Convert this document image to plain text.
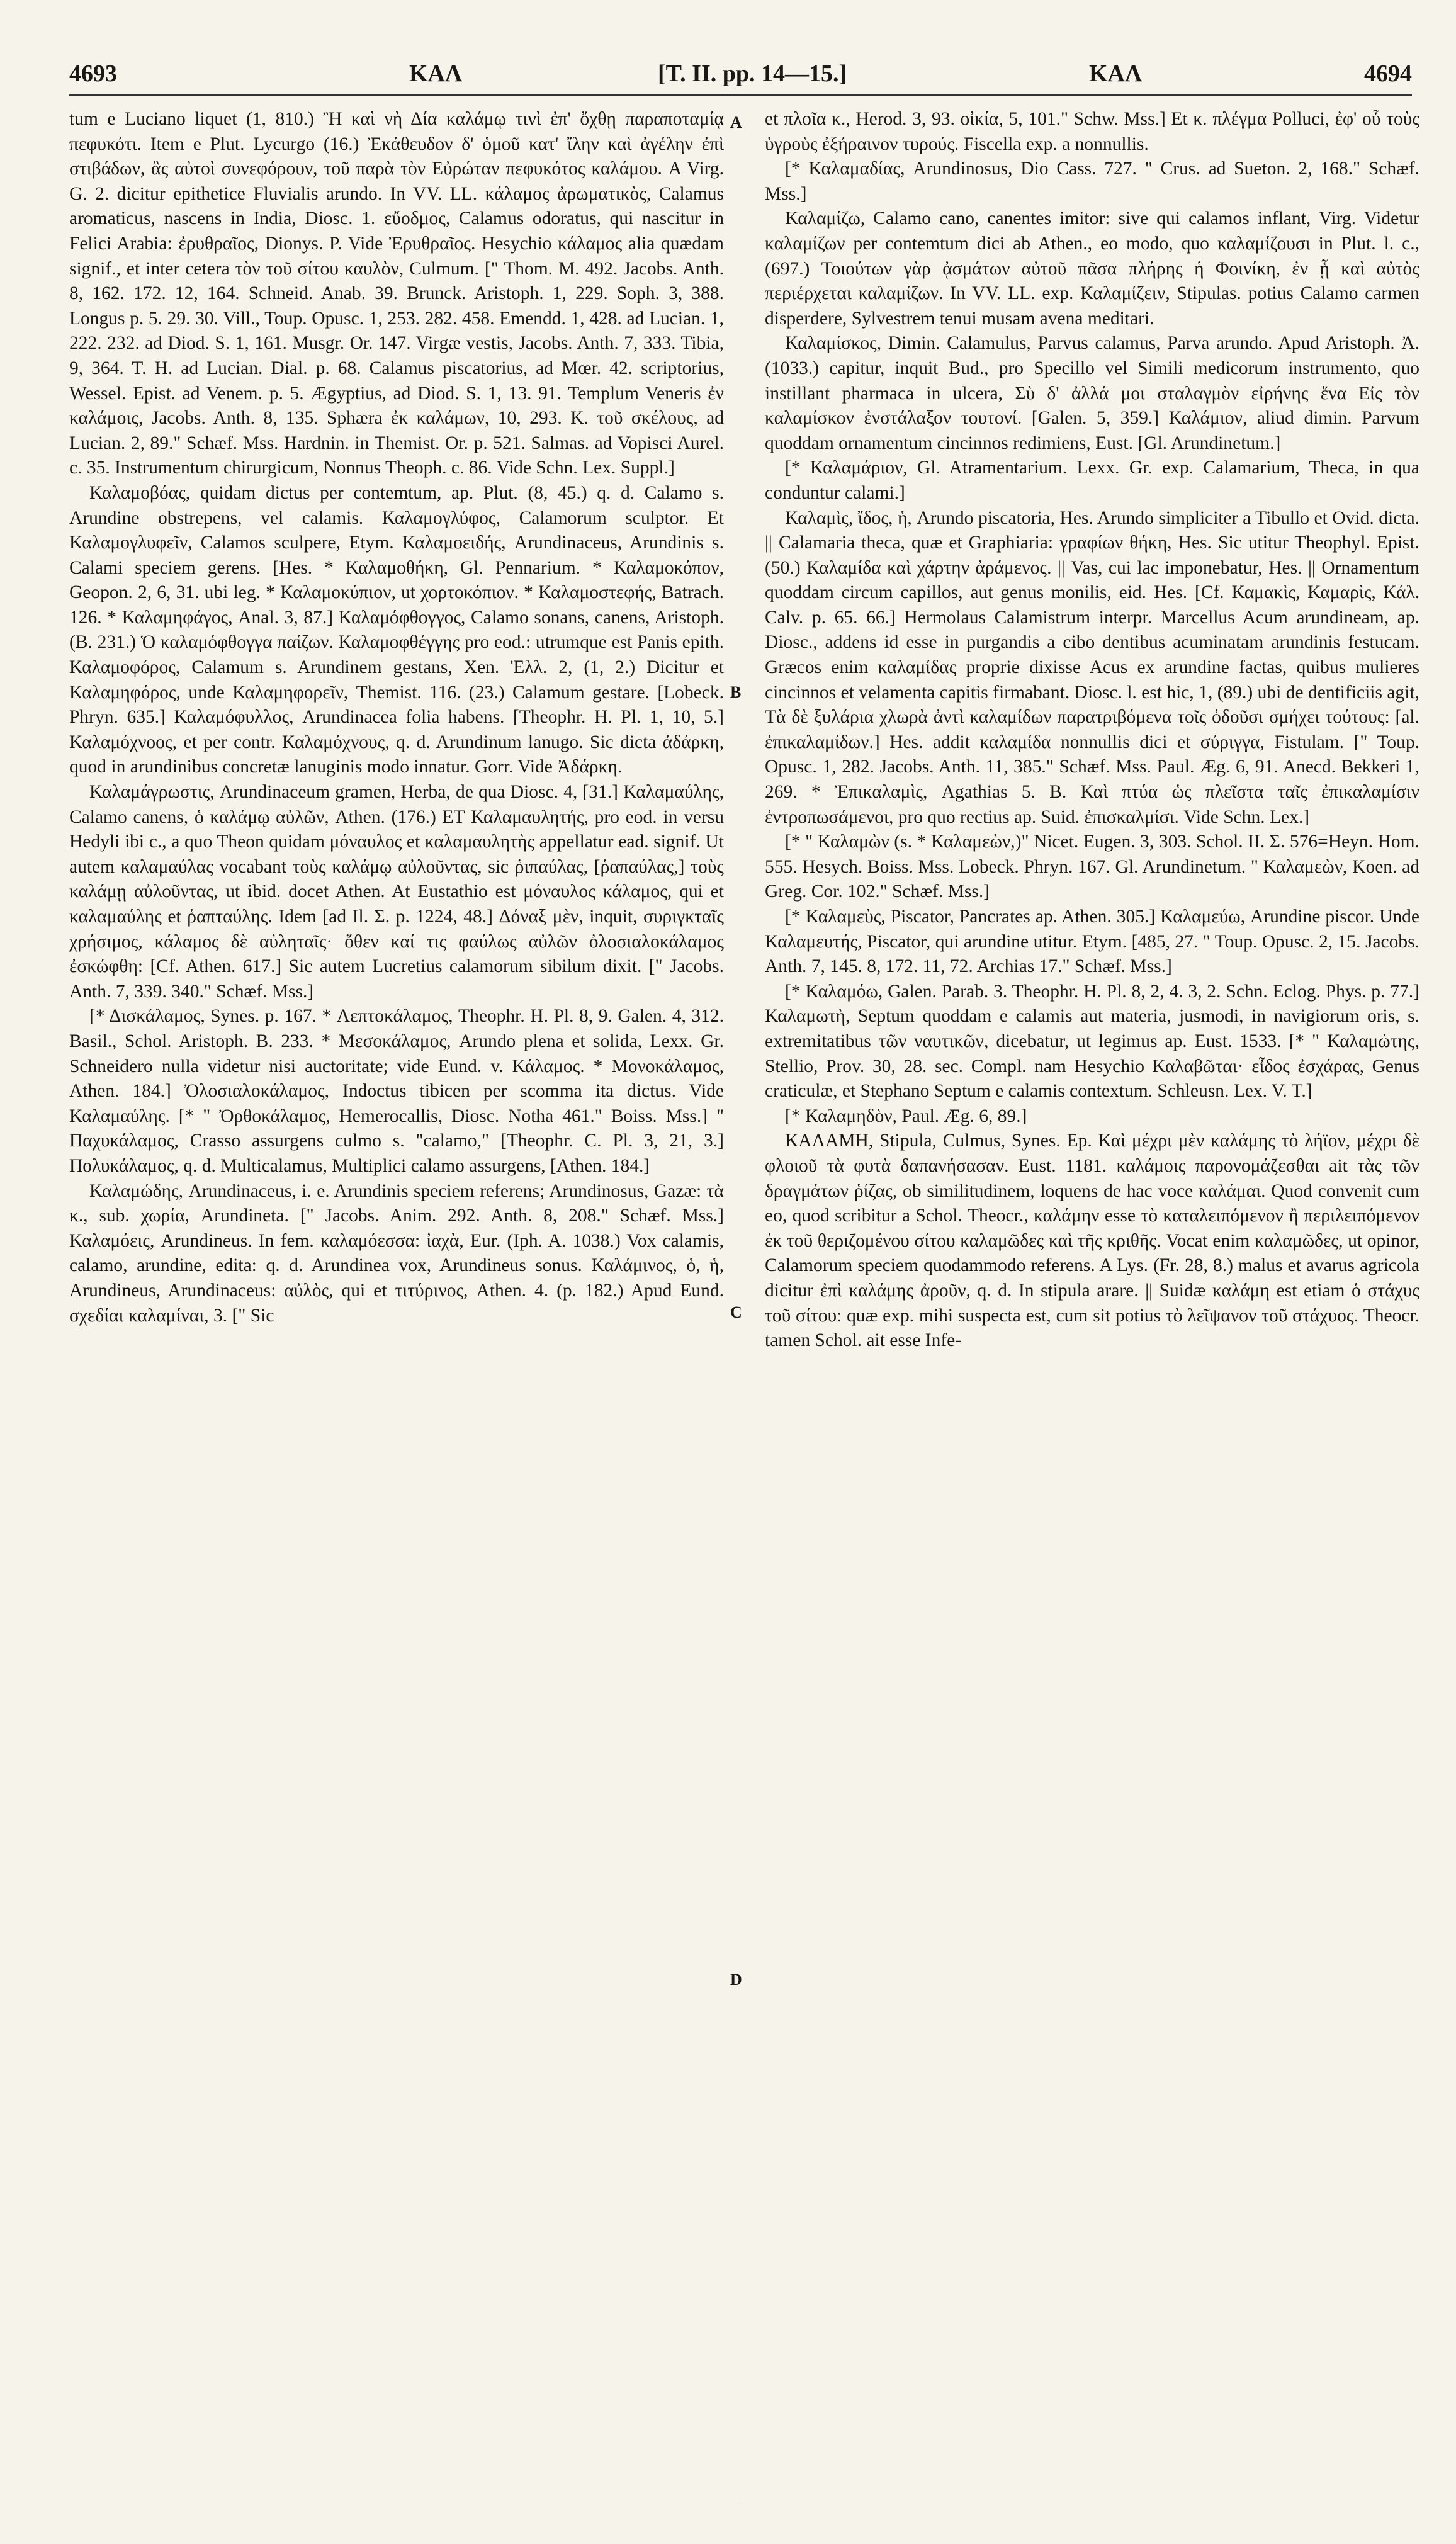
4693	ΚΑΛ	[T. II. pp. 14—15.]	ΚΑΛ	4694
A
B
C
D

tum e Luciano liquet (1, 810.) Ἢ καὶ νὴ Δία καλάμῳ τινὶ ἐπ' ὄχθῃ παραποταμίᾳ πεφυκότι. Item e Plut. Lycurgo (16.) Ἐκάθευδον δ' ὁμοῦ κατ' ἴλην καὶ ἀγέλην ἐπὶ στιβάδων, ἃς αὐτοὶ συνεφόρουν, τοῦ παρὰ τὸν Εὐρώταν πεφυκότος καλάμου. A Virg. G. 2. dicitur epithetice Fluvialis arundo. In VV. LL. κάλαμος ἀρωματικὸς, Calamus aromaticus, nascens in India, Diosc. 1. εὔοδμος, Calamus odoratus, qui nascitur in Felici Arabia: ἐρυθραῖος, Dionys. P. Vide Ἐρυθραῖος. Hesychio κάλαμος alia quædam signif., et inter cetera τὸν τοῦ σίτου καυλὸν, Culmum. [" Thom. M. 492. Jacobs. Anth. 8, 162. 172. 12, 164. Schneid. Anab. 39. Brunck. Aristoph. 1, 229. Soph. 3, 388. Longus p. 5. 29. 30. Vill., Toup. Opusc. 1, 253. 282. 458. Emendd. 1, 428. ad Lucian. 1, 222. 232. ad Diod. S. 1, 161. Musgr. Or. 147. Virgæ vestis, Jacobs. Anth. 7, 333. Tibia, 9, 364. T. H. ad Lucian. Dial. p. 68. Calamus piscatorius, ad Mœr. 42. scriptorius, Wessel. Epist. ad Venem. p. 5. Ægyptius, ad Diod. S. 1, 13. 91. Templum Veneris ἐν καλάμοις, Jacobs. Anth. 8, 135. Sphæra ἐκ καλάμων, 10, 293. K. τοῦ σκέλους, ad Lucian. 2, 89." Schæf. Mss. Hardnin. in Themist. Or. p. 521. Salmas. ad Vopisci Aurel. c. 35. Instrumentum chirurgicum, Nonnus Theoph. c. 86. Vide Schn. Lex. Suppl.]

Καλαμοβόας, quidam dictus per contemtum, ap. Plut. (8, 45.) q. d. Calamo s. Arundine obstrepens, vel calamis. Καλαμογλύφος, Calamorum sculptor. Et Καλαμογλυφεῖν, Calamos sculpere, Etym. Καλαμοειδής, Arundinaceus, Arundinis s. Calami speciem gerens. [Hes. * Καλαμοθήκη, Gl. Pennarium. * Καλαμοκόπον, Geopon. 2, 6, 31. ubi leg. * Καλαμοκύπιον, ut χορτοκόπιον. * Καλαμοστεφής, Batrach. 126. * Καλαμηφάγος, Anal. 3, 87.] Καλαμόφθογγος, Calamo sonans, canens, Aristoph. (B. 231.) Ὁ καλαμόφθογγα παίζων. Καλαμοφθέγγης pro eod.: utrumque est Panis epith. Καλαμοφόρος, Calamum s. Arundinem gestans, Xen. Ἑλλ. 2, (1, 2.) Dicitur et Καλαμηφόρος, unde Καλαμηφορεῖν, Themist. 116. (23.) Calamum gestare. [Lobeck. Phryn. 635.] Καλαμόφυλλος, Arundinacea folia habens. [Theophr. H. Pl. 1, 10, 5.] Καλαμόχνοος, et per contr. Καλαμόχνους, q. d. Arundinum lanugo. Sic dicta ἀδάρκη, quod in arundinibus concretæ lanuginis modo innatur. Gorr. Vide Ἀδάρκη.

Καλαμάγρωστις, Arundinaceum gramen, Herba, de qua Diosc. 4, [31.] Καλαμαύλης, Calamo canens, ὁ καλάμῳ αὐλῶν, Athen. (176.) ET Καλαμαυλητής, pro eod. in versu Hedyli ibi c., a quo Theon quidam μόναυλος et καλαμαυλητὴς appellatur ead. signif. Ut autem καλαμαύλας vocabant τοὺς καλάμῳ αὐλοῦντας, sic ῥιπαύλας, [ῥαπαύλας,] τοὺς καλάμῃ αὐλοῦντας, ut ibid. docet Athen. At Eustathio est μόναυλος κάλαμος, qui et καλαμαύλης et ῥαπταύλης. Idem [ad Il. Σ. p. 1224, 48.] Δόναξ μὲν, inquit, συριγκταῖς χρήσιμος, κάλαμος δὲ αὐληταῖς· ὅθεν καί τις φαύλως αὐλῶν ὀλοσιαλοκάλαμος ἐσκώφθη: [Cf. Athen. 617.] Sic autem Lucretius calamorum sibilum dixit. [" Jacobs. Anth. 7, 339. 340." Schæf. Mss.]

[* Δισκάλαμος, Synes. p. 167. * Λεπτοκάλαμος, Theophr. H. Pl. 8, 9. Galen. 4, 312. Basil., Schol. Aristoph. B. 233. * Μεσοκάλαμος, Arundo plena et solida, Lexx. Gr. Schneidero nulla videtur nisi auctoritate; vide Eund. v. Κάλαμος. * Μονοκάλαμος, Athen. 184.] Ὀλοσιαλοκάλαμος, Indoctus tibicen per scomma ita dictus. Vide Καλαμαύλης. [* " Ὀρθοκάλαμος, Hemerocallis, Diosc. Notha 461." Boiss. Mss.] " Παχυκάλαμος, Crasso assurgens culmo s. "calamo," [Theophr. C. Pl. 3, 21, 3.] Πολυκάλαμος, q. d. Multicalamus, Multiplici calamo assurgens, [Athen. 184.]

Καλαμώδης, Arundinaceus, i. e. Arundinis speciem referens; Arundinosus, Gazæ: τὰ κ., sub. χωρία, Arundineta. [" Jacobs. Anim. 292. Anth. 8, 208." Schæf. Mss.] Καλαμόεις, Arundineus. In fem. καλαμόεσσα: ἰαχὰ, Eur. (Iph. A. 1038.) Vox calamis, calamo, arundine, edita: q. d. Arundinea vox, Arundineus sonus. Καλάμινος, ὁ, ἡ, Arundineus, Arundinaceus: αὐλὸς, qui et τιτύρινος, Athen. 4. (p. 182.) Apud Eund. σχεδίαι καλαμίναι, 3. [" Sic

et πλοῖα κ., Herod. 3, 93. οἰκία, 5, 101." Schw. Mss.] Et κ. πλέγμα Polluci, ἐφ' οὗ τοὺς ὑγροὺς ἐξήραινον τυρούς. Fiscella exp. a nonnullis.

[* Καλαμαδίας, Arundinosus, Dio Cass. 727. " Crus. ad Sueton. 2, 168." Schæf. Mss.]

Καλαμίζω, Calamo cano, canentes imitor: sive qui calamos inflant, Virg. Videtur καλαμίζων per contemtum dici ab Athen., eo modo, quo καλαμίζουσι in Plut. l. c., (697.) Τοιούτων γὰρ ᾀσμάτων αὐτοῦ πᾶσα πλήρης ἡ Φοινίκη, ἐν ᾗ καὶ αὐτὸς περιέρχεται καλαμίζων. In VV. LL. exp. Καλαμίζειν, Stipulas. potius Calamo carmen disperdere, Sylvestrem tenui musam avena meditari.

Καλαμίσκος, Dimin. Calamulus, Parvus calamus, Parva arundo. Apud Aristoph. Ἀ. (1033.) capitur, inquit Bud., pro Specillo vel Simili medicorum instrumento, quo instillant pharmaca in ulcera, Σὺ δ' ἀλλά μοι σταλαγμὸν εἰρήνης ἕνα Εἰς τὸν καλαμίσκον ἐνστάλαξον τουτονί. [Galen. 5, 359.] Καλάμιον, aliud dimin. Parvum quoddam ornamentum cincinnos redimiens, Eust. [Gl. Arundinetum.]

[* Καλαμάριον, Gl. Atramentarium. Lexx. Gr. exp. Calamarium, Theca, in qua conduntur calami.]

Καλαμὶς, ἴδος, ἡ, Arundo piscatoria, Hes. Arundo simpliciter a Tibullo et Ovid. dicta. || Calamaria theca, quæ et Graphiaria: γραφίων θήκη, Hes. Sic utitur Theophyl. Epist. (50.) Καλαμίδα καὶ χάρτην ἀράμενος. || Vas, cui lac imponebatur, Hes. || Ornamentum quoddam circum capillos, aut genus monilis, eid. Hes. [Cf. Καμακὶς, Καμαρὶς, Κάλ. Calv. p. 65. 66.] Hermolaus Calamistrum interpr. Marcellus Acum arundineam, ap. Diosc., addens id esse in purgandis a cibo dentibus acuminatam arundinis festucam. Græcos enim καλαμίδας proprie dixisse Acus ex arundine factas, quibus mulieres cincinnos et velamenta capitis firmabant. Diosc. l. est hic, 1, (89.) ubi de dentificiis agit, Τὰ δὲ ξυλάρια χλωρὰ ἀντὶ καλαμίδων παρατριβόμενα τοῖς ὀδοῦσι σμήχει τούτους: [al. ἐπικαλαμίδων.] Hes. addit καλαμίδα nonnullis dici et σύριγγα, Fistulam. [" Toup. Opusc. 1, 282. Jacobs. Anth. 11, 385." Schæf. Mss. Paul. Æg. 6, 91. Anecd. Bekkeri 1, 269. * Ἐπικαλαμὶς, Agathias 5. B. Καὶ πτύα ὡς πλεῖστα ταῖς ἐπικαλαμίσιν ἐντροπωσάμενοι, pro quo rectius ap. Suid. ἐπισκαλμίσι. Vide Schn. Lex.]

[* " Καλαμὼν (s. * Καλαμεὼν,)" Nicet. Eugen. 3, 303. Schol. II. Σ. 576=Heyn. Hom. 555. Hesych. Boiss. Mss. Lobeck. Phryn. 167. Gl. Arundinetum. " Καλαμεὼν, Koen. ad Greg. Cor. 102." Schæf. Mss.]

[* Καλαμεὺς, Piscator, Pancrates ap. Athen. 305.] Καλαμεύω, Arundine piscor. Unde Καλαμευτής, Piscator, qui arundine utitur. Etym. [485, 27. " Toup. Opusc. 2, 15. Jacobs. Anth. 7, 145. 8, 172. 11, 72. Archias 17." Schæf. Mss.]

[* Καλαμόω, Galen. Parab. 3. Theophr. H. Pl. 8, 2, 4. 3, 2. Schn. Eclog. Phys. p. 77.] Καλαμωτὴ, Septum quoddam e calamis aut materia, jusmodi, in navigiorum oris, s. extremitatibus τῶν ναυτικῶν, dicebatur, ut legimus ap. Eust. 1533. [* " Καλαμώτης, Stellio, Prov. 30, 28. sec. Compl. nam Hesychio Καλαβῶται· εἶδος ἐσχάρας, Genus craticulæ, et Stephano Septum e calamis contextum. Schleusn. Lex. V. T.]

[* Καλαμηδὸν, Paul. Æg. 6, 89.]

ΚΑΛΑΜΗ, Stipula, Culmus, Synes. Ep. Καὶ μέχρι μὲν καλάμης τὸ λήϊον, μέχρι δὲ φλοιοῦ τὰ φυτὰ δαπανήσασαν. Eust. 1181. καλάμοις παρονομάζεσθαι ait τὰς τῶν δραγμάτων ῥίζας, ob similitudinem, loquens de hac voce καλάμαι. Quod convenit cum eo, quod scribitur a Schol. Theocr., καλάμην esse τὸ καταλειπόμενον ἢ περιλειπόμενον ἐκ τοῦ θεριζομένου σίτου καλαμῶδες καὶ τῆς κριθῆς. Vocat enim καλαμῶδες, ut opinor, Calamorum speciem quodammodo referens. A Lys. (Fr. 28, 8.) malus et avarus agricola dicitur ἐπὶ καλάμης ἀροῦν, q. d. In stipula arare. || Suidæ καλάμη est etiam ὁ στάχυς τοῦ σίτου: quæ exp. mihi suspecta est, cum sit potius τὸ λεῖψανον τοῦ στάχυος. Theocr. tamen Schol. ait esse Infe-
